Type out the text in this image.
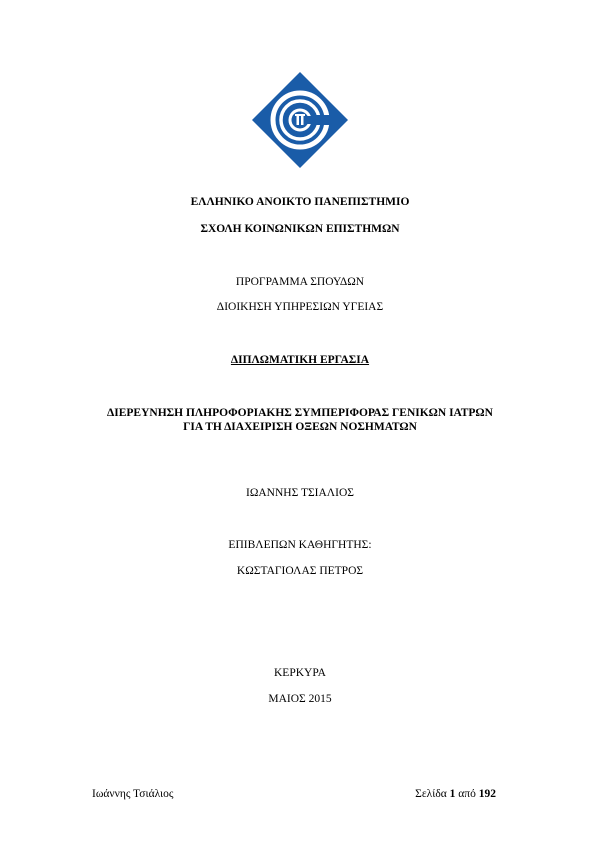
ΕΛΛΗΝΙΚΟ ΑΝΟΙΚΤΟ ΠΑΝΕΠΙΣΤΗΜΙΟ
ΣΧΟΛΗ ΚΟΙΝΩΝΙΚΩΝ ΕΠΙΣΤΗΜΩΝ
ΠΡΟΓΡΑΜΜΑ ΣΠΟΥΔΩΝ
ΔΙΟΙΚΗΣΗ ΥΠΗΡΕΣΙΩΝ ΥΓΕΙΑΣ
ΔΙΠΛΩΜΑΤΙΚΗ ΕΡΓΑΣΙΑ
ΔΙΕΡΕΥΝΗΣΗ ΠΛΗΡΟΦΟΡΙΑΚΗΣ ΣΥΜΠΕΡΙΦΟΡΑΣ ΓΕΝΙΚΩΝ ΙΑΤΡΩΝ
ΓΙΑ ΤΗ ΔΙΑΧΕΙΡΙΣΗ ΟΞΕΩΝ ΝΟΣΗΜΑΤΩΝ
ΙΩΑΝΝΗΣ ΤΣΙΑΛΙΟΣ
ΕΠΙΒΛΕΠΩΝ ΚΑΘΗΓΗΤΗΣ:
ΚΩΣΤΑΓΙΟΛΑΣ ΠΕΤΡΟΣ
ΚΕΡΚΥΡΑ
ΜΑΙΟΣ 2015
Ιωάννης Τσιάλιος	Σελίδα 1 από 192
